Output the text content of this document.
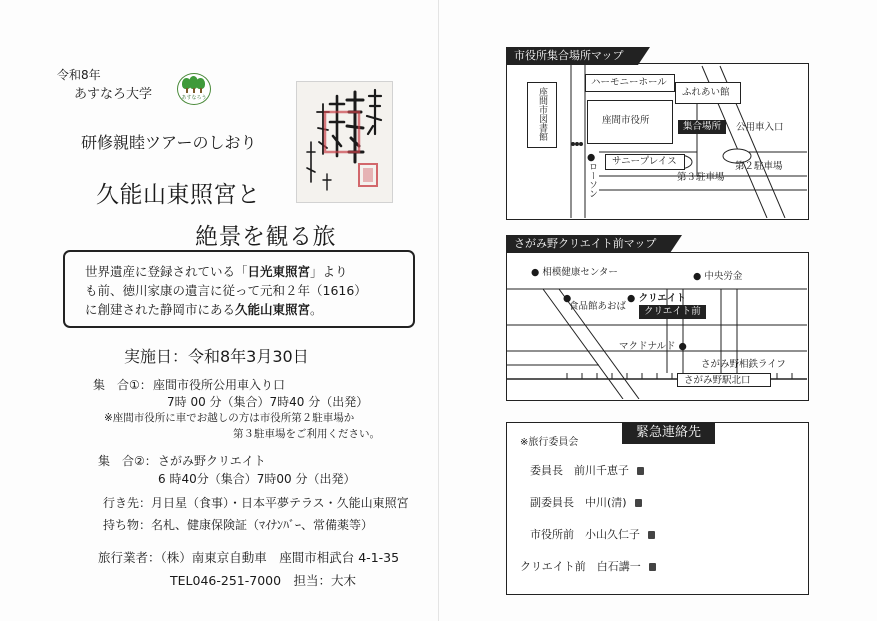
令和8年
あすなろ大学	あすなろう
研修親睦ツアーのしおり
久能山東照宮と
絶景を観る旅
世界遺産に登録されている「日光東照宮」より
も前、徳川家康の遺言に従って元和２年（1616）
に創建された静岡市にある久能山東照宮。
実施日：令和8年3月30日
集　合①： 座間市役所公用車入り口
7時 00 分（集合）7時40 分（出発）
※座間市役所に車でお越しの方は市役所第２駐車場か
第３駐車場をご利用ください。
集　合②： さがみ野クリエイト
6 時40分（集合）7時00 分（出発）
行き先：月日星（食事）・日本平夢テラス・久能山東照宮
持ち物：名札、健康保険証（ﾏｲﾅﾝﾊﾞｰ、常備薬等）
旅行業者：（株）南東京自動車　座間市相武台 4-1-35
TEL046-251-7000　担当：大木
座間市図書館
ハーモニーホール
ふれあい館
座間市役所
集合場所	公用車入口
●
ローソン
サニープレイス	第２駐車場
第３駐車場
市役所集合場所マップ
● 相模健康センター	● 中央労金
●
食品館あおば
● クリエイト
クリエイト前
マクドナルド ●
さがみ野相鉄ライフ
さがみ野駅北口
さがみ野クリエイト前マップ
※旅行委員会
緊急連絡先
委員長　 前川千恵子
副委員長　 中川(清)
市役所前　 小山久仁子
クリエイト前　 白石講一
